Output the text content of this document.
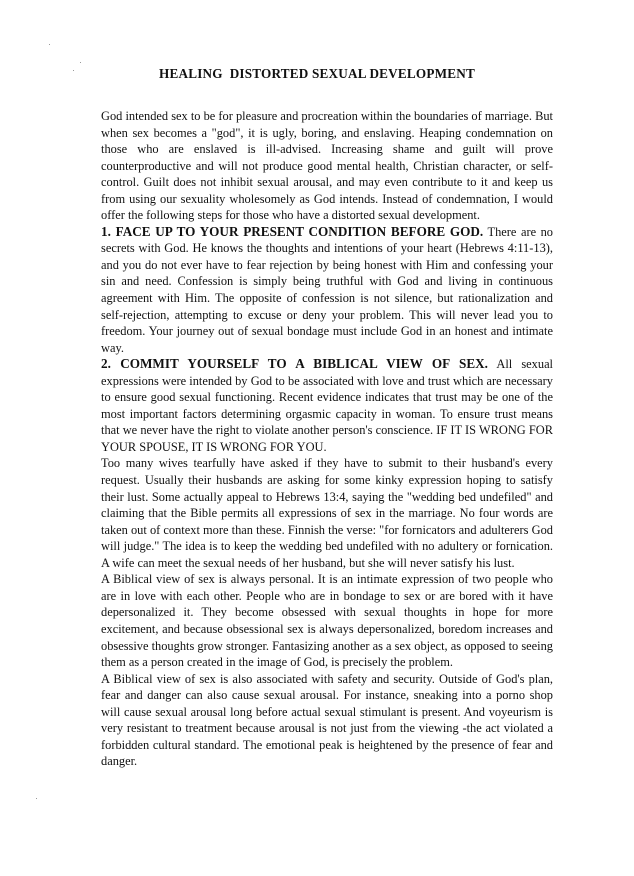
HEALING  DISTORTED SEXUAL DEVELOPMENT

God intended sex to be for pleasure and procreation within the boundaries of marriage. But when sex becomes a "god", it is ugly, boring, and enslaving. Heaping condemnation on those who are enslaved is ill-advised. Increasing shame and guilt will prove counterproductive and will not produce good mental health, Christian character, or self-control. Guilt does not inhibit sexual arousal, and may even contribute to it and keep us from using our sexuality wholesomely as God intends. Instead of condemnation, I would offer the following steps for those who have a distorted sexual development.

1. FACE UP TO YOUR PRESENT CONDITION BEFORE GOD. There are no secrets with God. He knows the thoughts and intentions of your heart (Hebrews 4:11-13), and you do not ever have to fear rejection by being honest with Him and confessing your sin and need. Confession is simply being truthful with God and living in continuous agreement with Him. The opposite of confession is not silence, but rationalization and self-rejection, attempting to excuse or deny your problem. This will never lead you to freedom. Your journey out of sexual bondage must include God in an honest and intimate way.

2. COMMIT YOURSELF TO A BIBLICAL VIEW OF SEX. All sexual expressions were intended by God to be associated with love and trust which are necessary to ensure good sexual functioning. Recent evidence indicates that trust may be one of the most important factors determining orgasmic capacity in woman. To ensure trust means that we never have the right to violate another person's conscience. IF IT IS WRONG FOR YOUR SPOUSE, IT IS WRONG FOR YOU.

Too many wives tearfully have asked if they have to submit to their husband's every request. Usually their husbands are asking for some kinky expression hoping to satisfy their lust. Some actually appeal to Hebrews 13:4, saying the "wedding bed undefiled" and claiming that the Bible permits all expressions of sex in the marriage. No four words are taken out of context more than these. Finnish the verse: "for fornicators and adulterers God will judge." The idea is to keep the wedding bed undefiled with no adultery or fornication. A wife can meet the sexual needs of her husband, but she will never satisfy his lust.

A Biblical view of sex is always personal. It is an intimate expression of two people who are in love with each other. People who are in bondage to sex or are bored with it have depersonalized it. They become obsessed with sexual thoughts in hope for more excitement, and because obsessional sex is always depersonalized, boredom increases and obsessive thoughts grow stronger. Fantasizing another as a sex object, as opposed to seeing them as a person created in the image of God, is precisely the problem.

A Biblical view of sex is also associated with safety and security. Outside of God's plan, fear and danger can also cause sexual arousal. For instance, sneaking into a porno shop will cause sexual arousal long before actual sexual stimulant is present. And voyeurism is very resistant to treatment because arousal is not just from the viewing -the act violated a forbidden cultural standard. The emotional peak is heightened by the presence of fear and danger.
